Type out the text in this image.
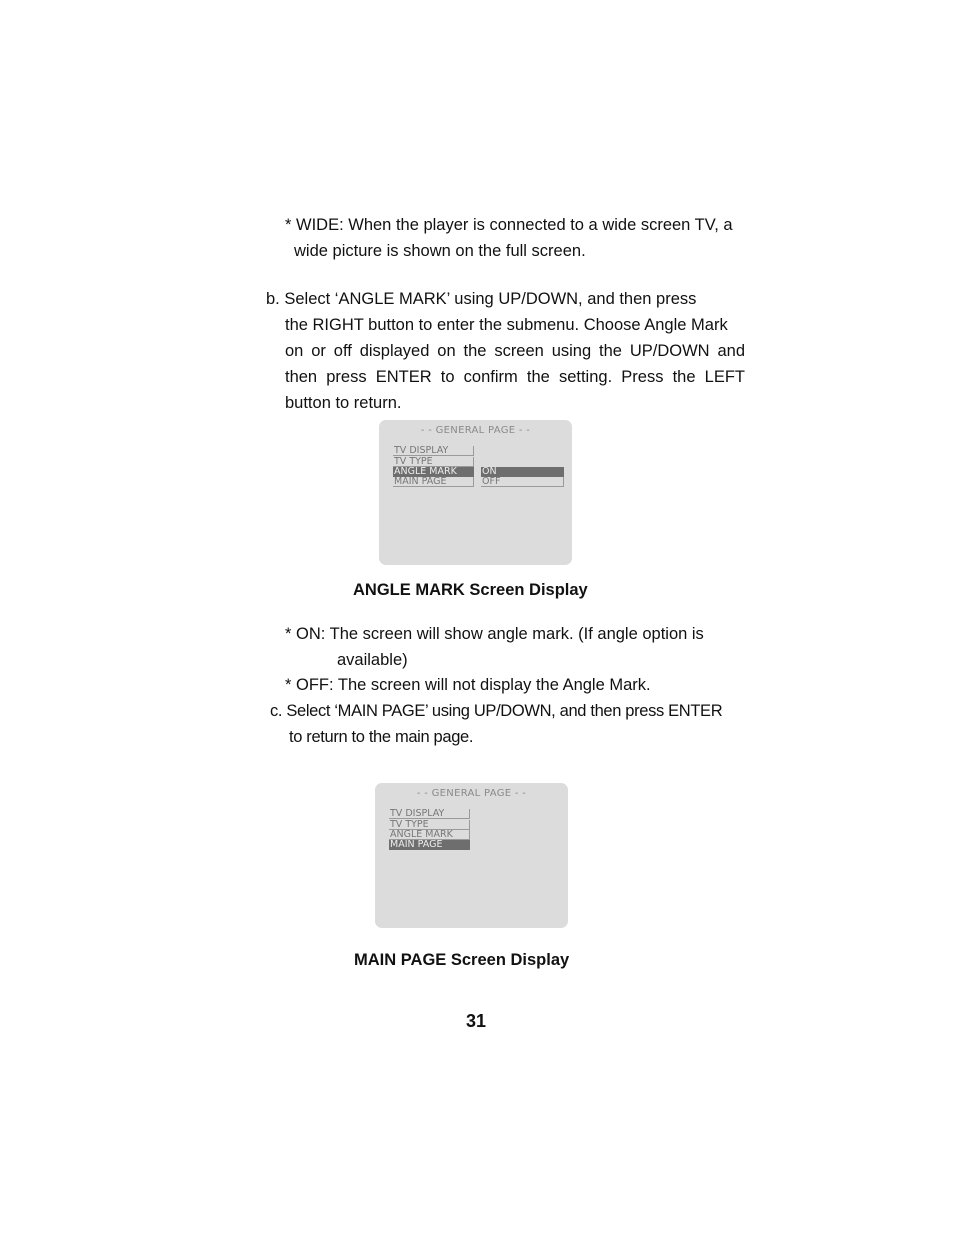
* WIDE: When the player is connected to a wide screen TV, a
wide picture is shown on the full screen.
b. Select ‘ANGLE MARK’ using UP/DOWN, and then press
the RIGHT button to enter the submenu. Choose Angle Mark
on or off displayed on the screen using the UP/DOWN and
then press ENTER to confirm the setting. Press the LEFT
button to return.
- - GENERAL PAGE - -
TV DISPLAY
TV TYPE
ANGLE MARK
MAIN PAGE
ON
OFF
ANGLE MARK Screen Display
* ON: The screen will show angle mark. (If angle option is
available)
* OFF: The screen will not display the Angle Mark.
c. Select ‘MAIN PAGE’ using UP/DOWN, and then press ENTER
to return to the main page.
- - GENERAL PAGE - -
TV DISPLAY
TV TYPE
ANGLE MARK
MAIN PAGE
MAIN PAGE Screen Display
31
